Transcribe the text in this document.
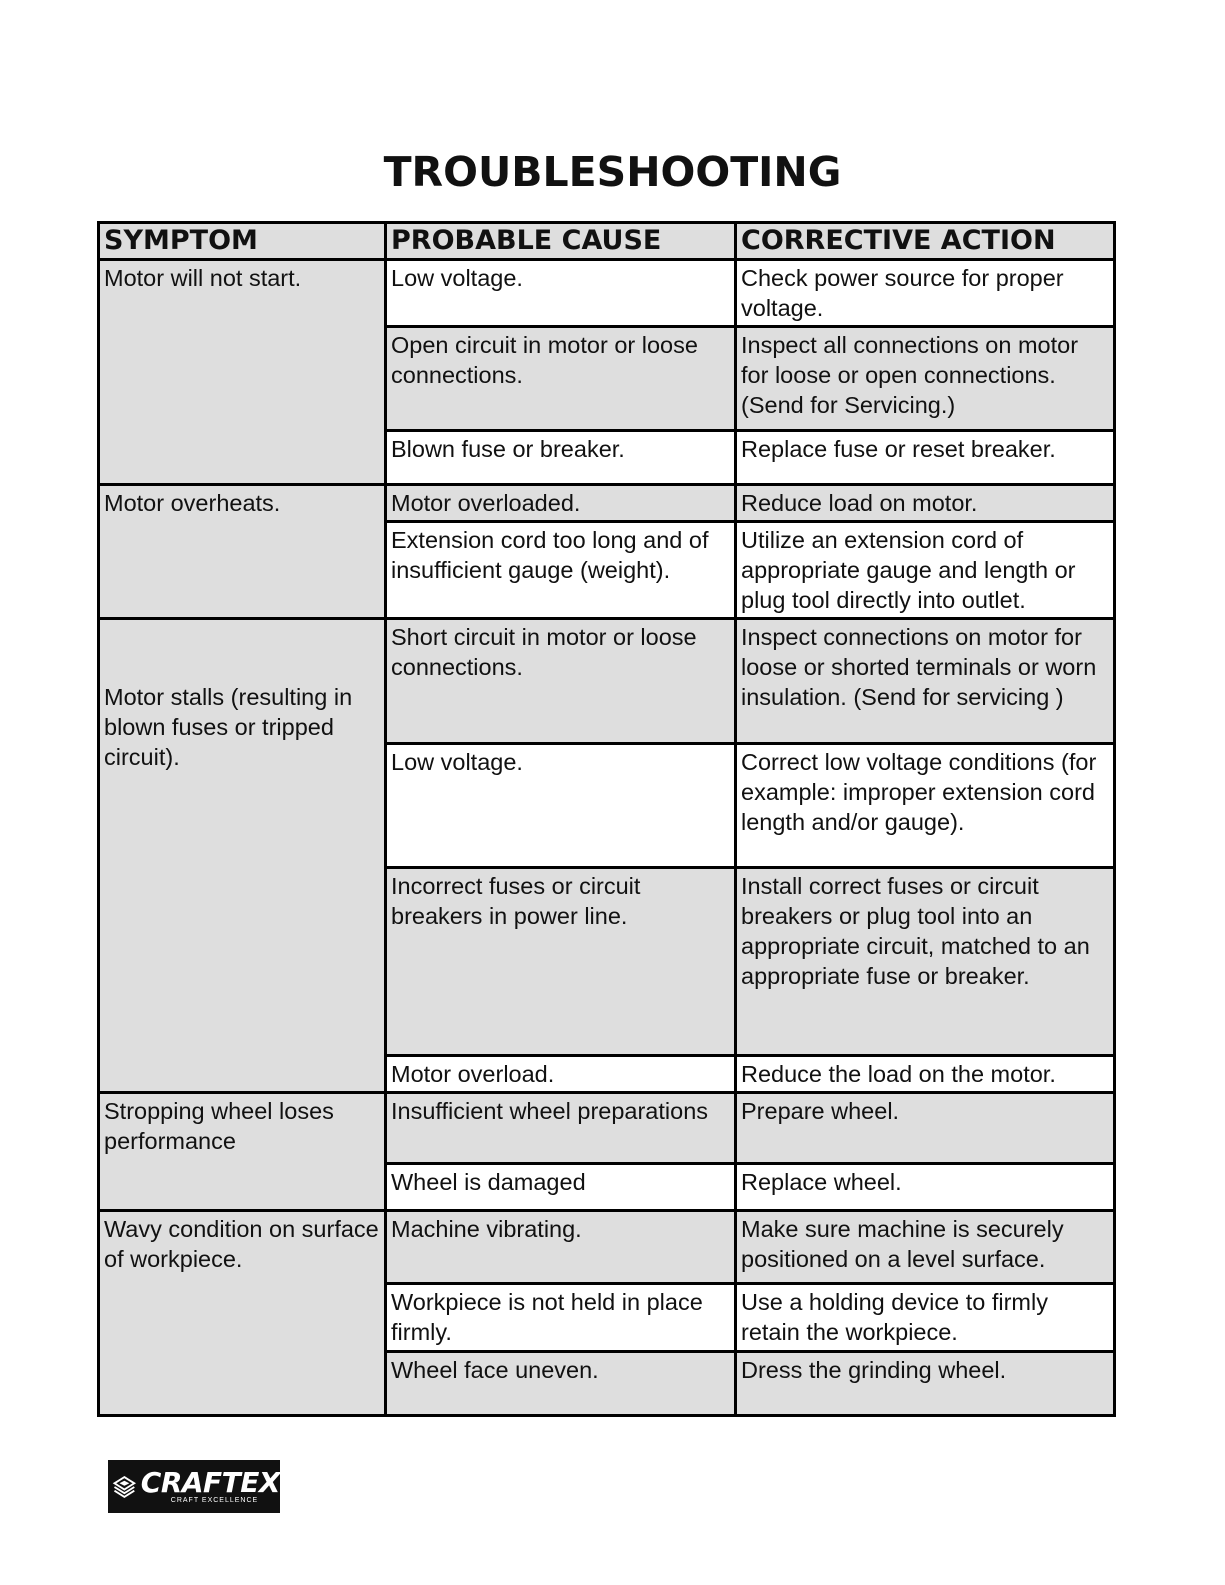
TROUBLESHOOTING
SYMPTOM	PROBABLE CAUSE	CORRECTIVE ACTION
Motor will not start.	Low voltage.	Check power source for proper voltage.
	Open circuit in motor or loose connections.	Inspect all connections on motor for loose or open connections. (Send for Servicing.)
	Blown fuse or breaker.	Replace fuse or reset breaker.
Motor overheats.	Motor overloaded.	Reduce load on motor.
	Extension cord too long and of insufficient gauge (weight).	Utilize an extension cord of appropriate gauge and length or plug tool directly into outlet.
Motor stalls (resulting in blown fuses or tripped circuit).	Short circuit in motor or loose connections.	Inspect connections on motor for loose or shorted terminals or worn insulation. (Send for servicing )
	Low voltage.	Correct low voltage conditions (for example: improper extension cord length and/or gauge).
	Incorrect fuses or circuit breakers in power line.	Install correct fuses or circuit breakers or plug tool into an appropriate circuit, matched to an appropriate fuse or breaker.
	Motor overload.	Reduce the load on the motor.
Stropping wheel loses performance	Insufficient wheel preparations	Prepare wheel.
	Wheel is damaged	Replace wheel.
Wavy condition on surface of workpiece.	Machine vibrating.	Make sure machine is securely positioned on a level surface.
	Workpiece is not held in place firmly.	Use a holding device to firmly retain the workpiece.
	Wheel face uneven.	Dress the grinding wheel.
CRAFTEX
CRAFT EXCELLENCE
